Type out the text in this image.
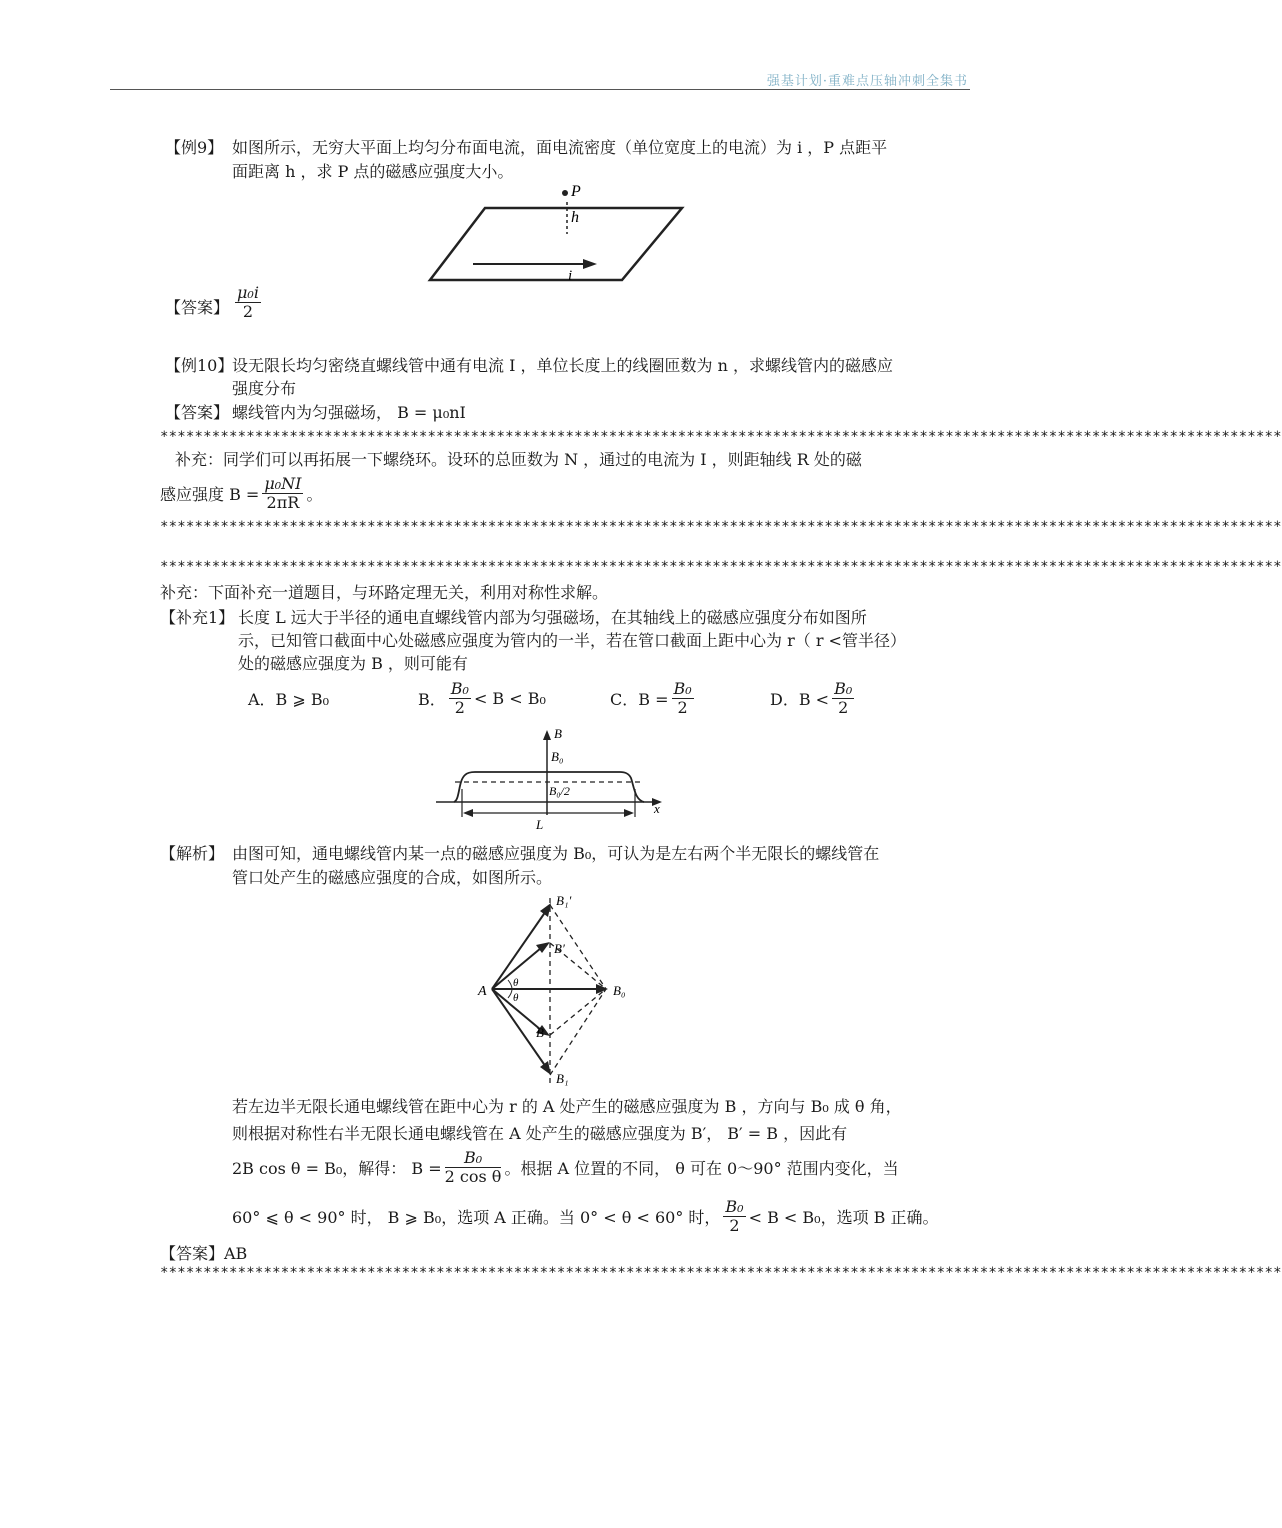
强基计划·重难点压轴冲刺全集书
【例9】 如图所示，无穷大平面上均匀分布面电流，面电流密度（单位宽度上的电流）为 i ，P 点距平
面距离 h ，求 P 点的磁感应强度大小。
P
h
i
【答案】 $\frac{\text{μ₀i}}{2}$
【例10】
设无限长均匀密绕直螺线管中通有电流 I ，单位长度上的线圈匝数为 n ，求螺线管内的磁感应
强度分布
【答案】 螺线管内为匀强磁场， B = μ₀nI
**********************************************************************************************************************************
补充：同学们可以再拓展一下螺绕环。设环的总匝数为 N ，通过的电流为 I ，则距轴线 R 处的磁
感应强度 $B = \frac{\text{μ₀NI}}{2\pi R}$ 。
**********************************************************************************************************************************
**********************************************************************************************************************************
补充：下面补充一道题目，与环路定理无关，利用对称性求解。
【补充1】 长度 L 远大于半径的通电直螺线管内部为匀强磁场，在其轴线上的磁感应强度分布如图所
示，已知管口截面中心处磁感应强度为管内的一半，若在管口截面上距中心为 r（ r <管半径）
处的磁感应强度为 B ，则可能有
A．B ⩾ B₀	B． $\frac{\text{B₀}}{2} < B < B_0$	C．$B = \frac{\text{B₀}}{2}$	D．$B < \frac{\text{B₀}}{2}$
B
B₀
B₀/2
x
L
【解析】 由图可知，通电螺线管内某一点的磁感应强度为 B₀，可认为是左右两个半无限长的螺线管在
管口处产生的磁感应强度的合成，如图所示。
A
B₁′
B′
B₀
B
B₁
θ
θ
若左边半无限长通电螺线管在距中心为 r 的 A 处产生的磁感应强度为 B ，方向与 B₀ 成 θ 角，
则根据对称性右半无限长通电螺线管在 A 处产生的磁感应强度为 B′， B′ = B ，因此有
2B cos θ = B₀，解得： $B = \frac{\text{B₀}}{\text{2 cos θ}}$ 。根据 A 位置的不同， θ 可在 0～90° 范围内变化，当
60° ⩽ θ < 90° 时， B ⩾ B₀，选项 A 正确。当 0° < θ < 60° 时， $\frac{\text{B₀}}{2} < B < B_0$，选项 B 正确。
【答案】AB
**********************************************************************************************************************************
